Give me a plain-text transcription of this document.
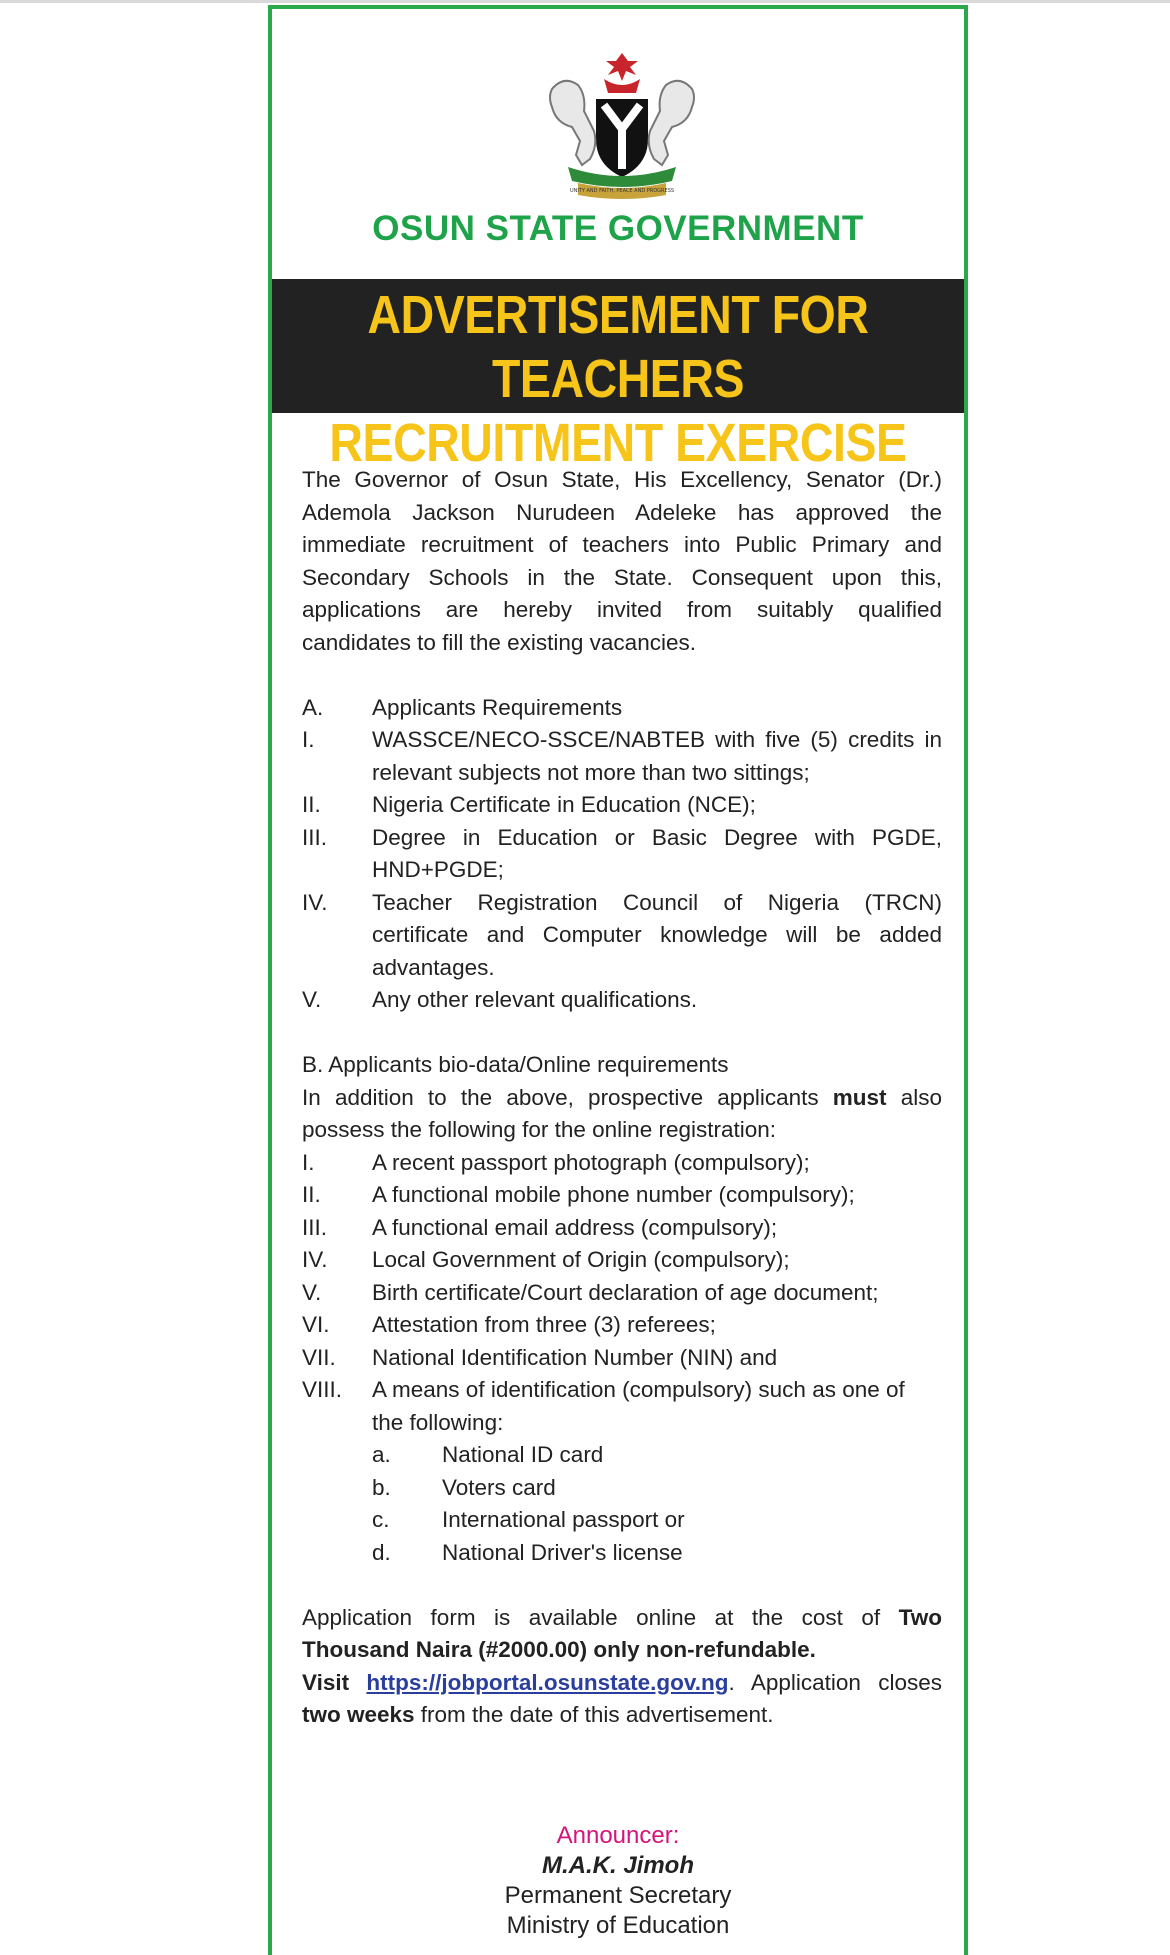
UNITY AND FAITH, PEACE AND PROGRESS
OSUN STATE GOVERNMENT
ADVERTISEMENT FOR TEACHERS
RECRUITMENT EXERCISE

The Governor of Osun State, His Excellency, Senator (Dr.) Ademola Jackson Nurudeen Adeleke has approved the immediate recruitment of teachers into Public Primary and Secondary Schools in the State. Consequent upon this, applications are hereby invited from suitably qualified candidates to fill the existing vacancies.

A.	Applicants Requirements
I.	WASSCE/NECO-SSCE/NABTEB with five (5) credits in relevant subjects not more than two sittings;
II.	Nigeria Certificate in Education (NCE);
III.	Degree in Education or Basic Degree with PGDE, HND+PGDE;
IV.	Teacher Registration Council of Nigeria (TRCN) certificate and Computer knowledge will be added advantages.
V.	Any other relevant qualifications.
B. Applicants bio-data/Online requirements

In addition to the above, prospective applicants must also possess the following for the online registration:

I.	A recent passport photograph (compulsory);
II.	A functional mobile phone number (compulsory);
III.	A functional email address (compulsory);
IV.	Local Government of Origin (compulsory);
V.	Birth certificate/Court declaration of age document;
VI.	Attestation from three (3) referees;
VII.	National Identification Number (NIN) and
VIII.	A means of identification (compulsory) such as one of the following:
a.	National ID card
b.	Voters card
c.	International passport or
d.	National Driver's license

Application form is available online at the cost of Two Thousand Naira (#2000.00) only non-refundable.
Visit https://jobportal.osunstate.gov.ng. Application closes two weeks from the date of this advertisement.

Announcer:
M.A.K. Jimoh
Permanent Secretary
Ministry of Education
